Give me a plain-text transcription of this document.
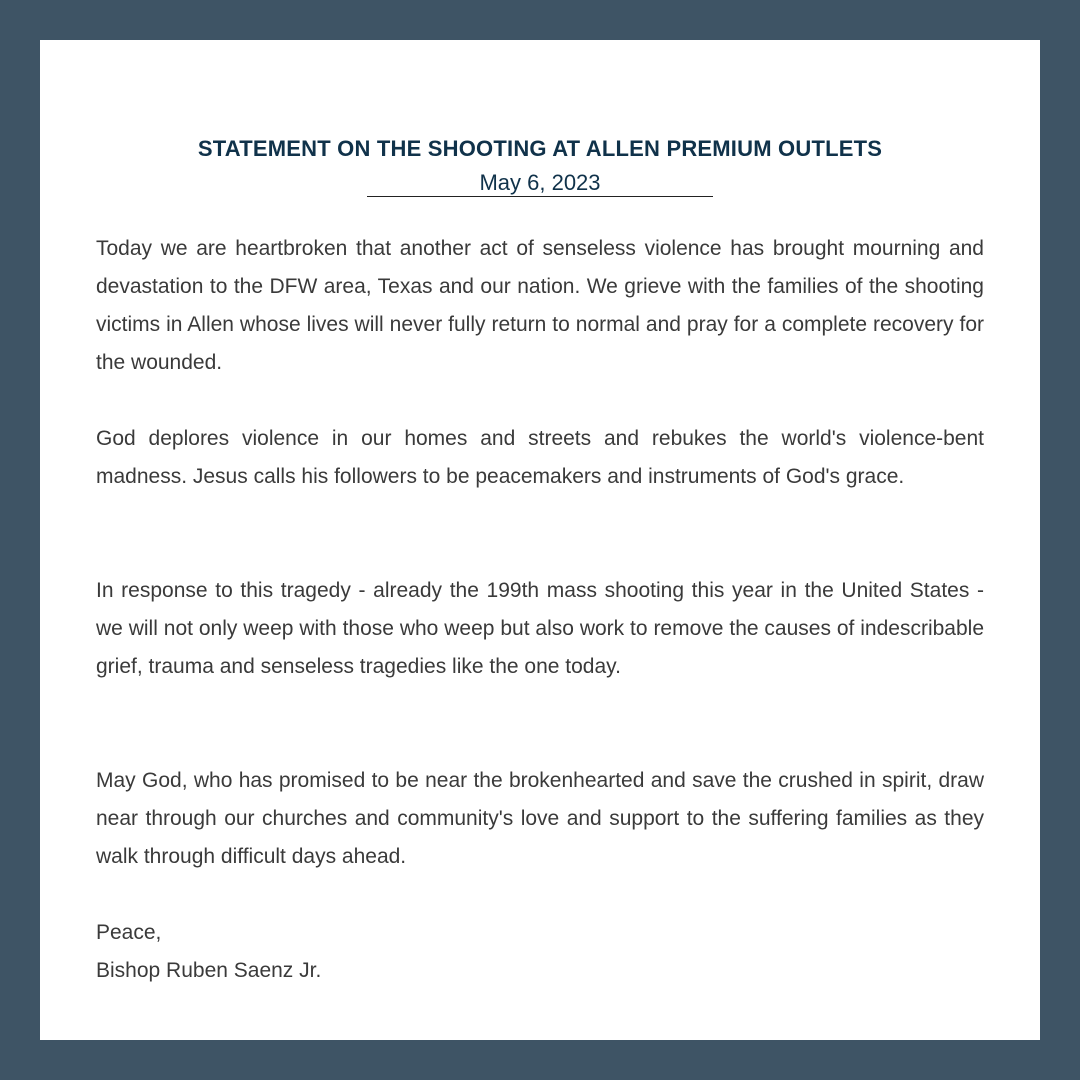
STATEMENT ON THE SHOOTING AT ALLEN PREMIUM OUTLETS

May 6, 2023

Today we are heartbroken that another act of senseless violence has brought mourning and devastation to the DFW area, Texas and our nation. We grieve with the families of the shooting victims in Allen whose lives will never fully return to normal and pray for a complete recovery for the wounded.

God deplores violence in our homes and streets and rebukes the world's violence-bent madness. Jesus calls his followers to be peacemakers and instruments of God's grace.

In response to this tragedy - already the 199th mass shooting this year in the United States - we will not only weep with those who weep but also work to remove the causes of indescribable grief, trauma and senseless tragedies like the one today.

May God, who has promised to be near the brokenhearted and save the crushed in spirit, draw near through our churches and community's love and support to the suffering families as they walk through difficult days ahead.

Peace,
Bishop Ruben Saenz Jr.
